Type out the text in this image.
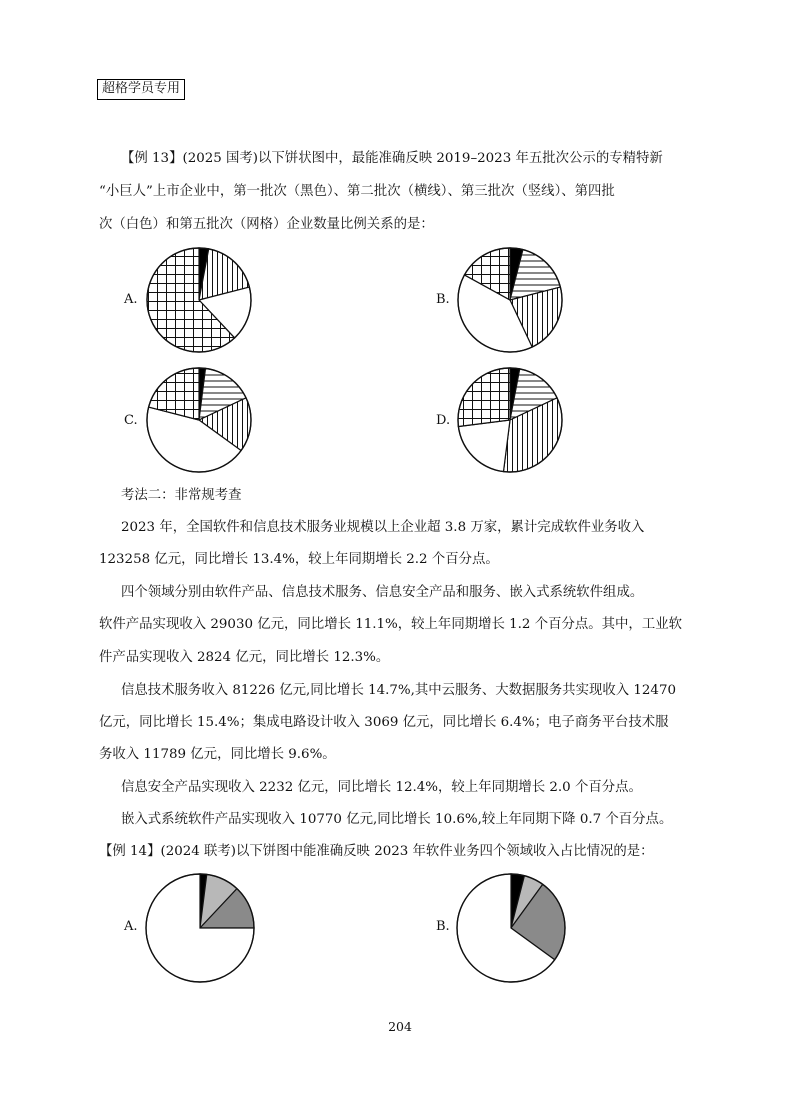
超格学员专用
【例 13】(2025 国考)以下饼状图中，最能准确反映 2019–2023 年五批次公示的专精特新
“小巨人”上市企业中，第一批次（黑色）、第二批次（横线）、第三批次（竖线）、第四批
次（白色）和第五批次（网格）企业数量比例关系的是：
A.	B.
C.	D.
考法二：非常规考查
2023 年，全国软件和信息技术服务业规模以上企业超 3.8 万家，累计完成软件业务收入
123258 亿元，同比增长 13.4%，较上年同期增长 2.2 个百分点。
四个领域分别由软件产品、信息技术服务、信息安全产品和服务、嵌入式系统软件组成。
软件产品实现收入 29030 亿元，同比增长 11.1%，较上年同期增长 1.2 个百分点。其中，工业软
件产品实现收入 2824 亿元，同比增长 12.3%。
信息技术服务收入 81226 亿元,同比增长 14.7%,其中云服务、大数据服务共实现收入 12470
亿元，同比增长 15.4%；集成电路设计收入 3069 亿元，同比增长 6.4%；电子商务平台技术服
务收入 11789 亿元，同比增长 9.6%。
信息安全产品实现收入 2232 亿元，同比增长 12.4%，较上年同期增长 2.0 个百分点。
嵌入式系统软件产品实现收入 10770 亿元,同比增长 10.6%,较上年同期下降 0.7 个百分点。
【例 14】(2024 联考)以下饼图中能准确反映 2023 年软件业务四个领域收入占比情况的是：
A.	B.
204
